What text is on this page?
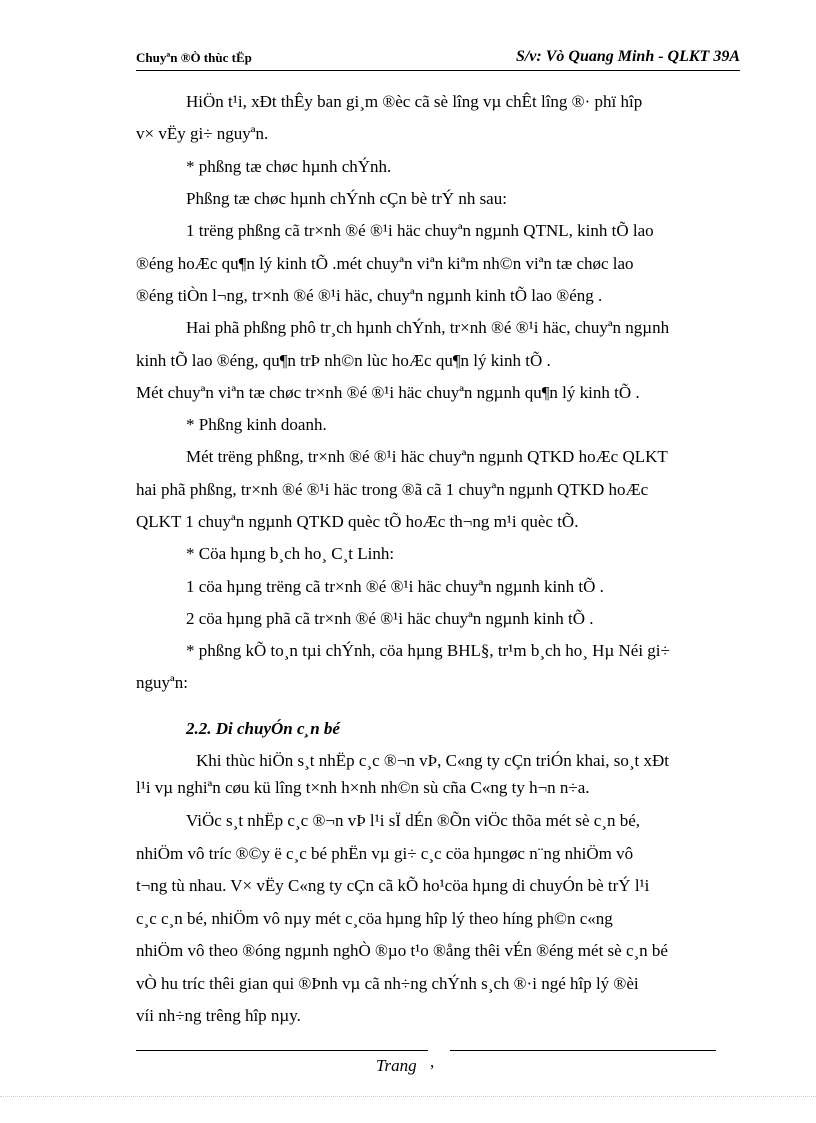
Chuyªn ®Ò thùc tËp	S/v: Vò Quang Minh - QLKT 39A
HiÖn t¹i, xÐt thÊy ban gi¸m ®èc cã sè lîng vµ chÊt lîng ®· phï hîp
v× vËy gi÷ nguyªn.
* phßng tæ chøc hµnh chÝnh.
Phßng tæ chøc hµnh chÝnh cÇn bè trÝ nh sau:
1 trëng phßng cã tr×nh ®é ®¹i häc chuyªn ngµnh QTNL, kinh tÕ lao
®éng hoÆc qu¶n lý kinh tÕ .mét chuyªn viªn kiªm nh©n viªn tæ chøc lao
®éng tiÒn l¬ng, tr×nh ®é ®¹i häc, chuyªn ngµnh kinh tÕ lao ®éng .
Hai phã phßng phô tr¸ch hµnh chÝnh, tr×nh ®é ®¹i häc, chuyªn ngµnh
kinh tÕ lao ®éng, qu¶n trÞ nh©n lùc hoÆc qu¶n lý kinh tÕ .
Mét chuyªn viªn tæ chøc tr×nh ®é ®¹i häc chuyªn ngµnh qu¶n lý kinh tÕ .
* Phßng kinh doanh.
Mét trëng phßng, tr×nh ®é ®¹i häc chuyªn ngµnh QTKD hoÆc QLKT
hai phã phßng, tr×nh ®é ®¹i häc trong ®ã cã 1 chuyªn ngµnh QTKD hoÆc
QLKT 1 chuyªn ngµnh QTKD quèc tÕ hoÆc th¬ng m¹i quèc tÕ.
* Cöa hµng b¸ch ho¸ C¸t Linh:
1 cöa hµng trëng cã tr×nh ®é ®¹i häc chuyªn ngµnh kinh tÕ .
2 cöa hµng phã cã tr×nh ®é ®¹i häc chuyªn ngµnh kinh tÕ .
* phßng kÕ to¸n tµi chÝnh, cöa hµng BHL§, tr¹m b¸ch ho¸ Hµ Néi gi÷
nguyªn:
2.2. Di chuyÓn c¸n bé
Khi thùc hiÖn s¸t nhËp c¸c ®¬n vÞ, C«ng ty cÇn triÓn khai, so¸t xÐt
l¹i vµ nghiªn cøu kü lîng t×nh h×nh nh©n sù cña C«ng ty h¬n n÷a.
ViÖc s¸t nhËp c¸c ®¬n vÞ l¹i sÏ dÉn ®Õn viÖc thõa mét sè c¸n bé,
nhiÖm vô tríc ®©y ë c¸c bé phËn vµ gi÷ c¸c cöa hµngøc n¨ng nhiÖm vô
t¬ng tù nhau. V× vËy C«ng ty cÇn cã kÕ ho¹cöa hµng di chuyÓn bè trÝ l¹i
c¸c c¸n bé, nhiÖm vô nµy mét c¸cöa hµng hîp lý theo híng ph©n c«ng
nhiÖm vô theo ®óng ngµnh nghÒ ®µo t¹o ®ång thêi vÉn ®éng mét sè c¸n bé
vÒ hu tríc thêi gian qui ®Þnh vµ cã nh÷ng chÝnh s¸ch ®·i ngé hîp lý ®èi
víi nh÷ng trêng hîp nµy.
,
Trang
